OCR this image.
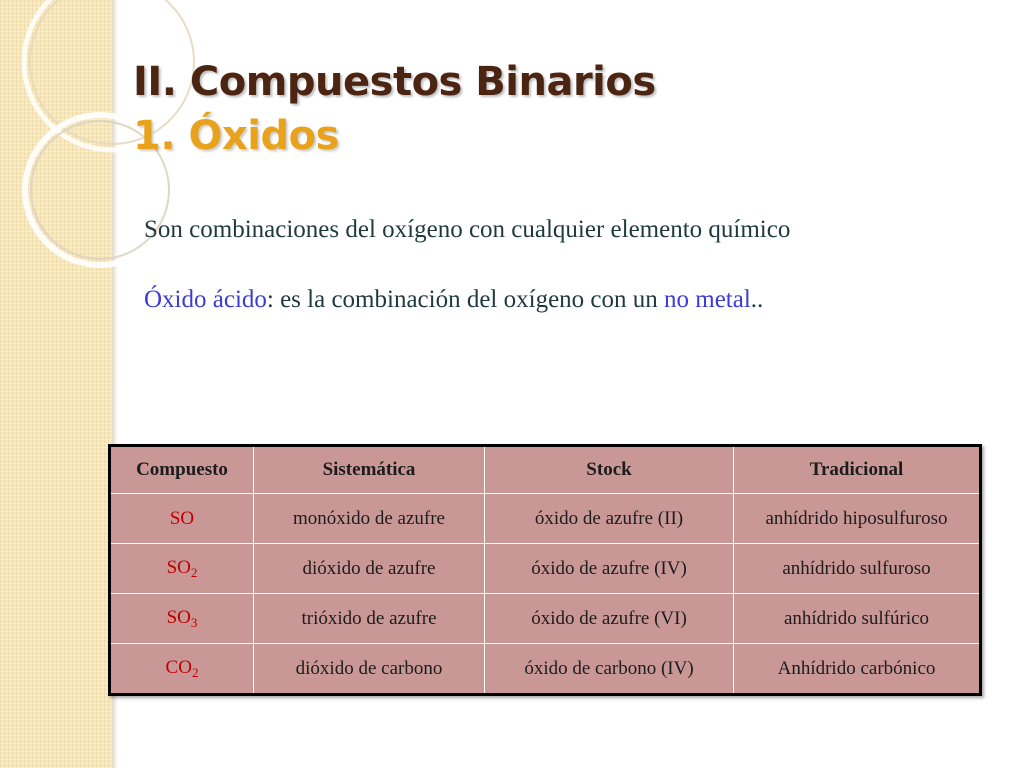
II. Compuestos Binarios
1. Óxidos

Son combinaciones del oxígeno con cualquier elemento químico

Óxido ácido: es la combinación del oxígeno con un no metal..

Compuesto	Sistemática	Stock	Tradicional
SO	monóxido de azufre	óxido de azufre (II)	anhídrido hiposulfuroso
$SO_2$	dióxido de azufre	óxido de azufre (IV)	anhídrido sulfuroso
$SO_3$	trióxido de azufre	óxido de azufre (VI)	anhídrido sulfúrico
$CO_2$	dióxido de carbono	óxido de carbono (IV)	Anhídrido carbónico
